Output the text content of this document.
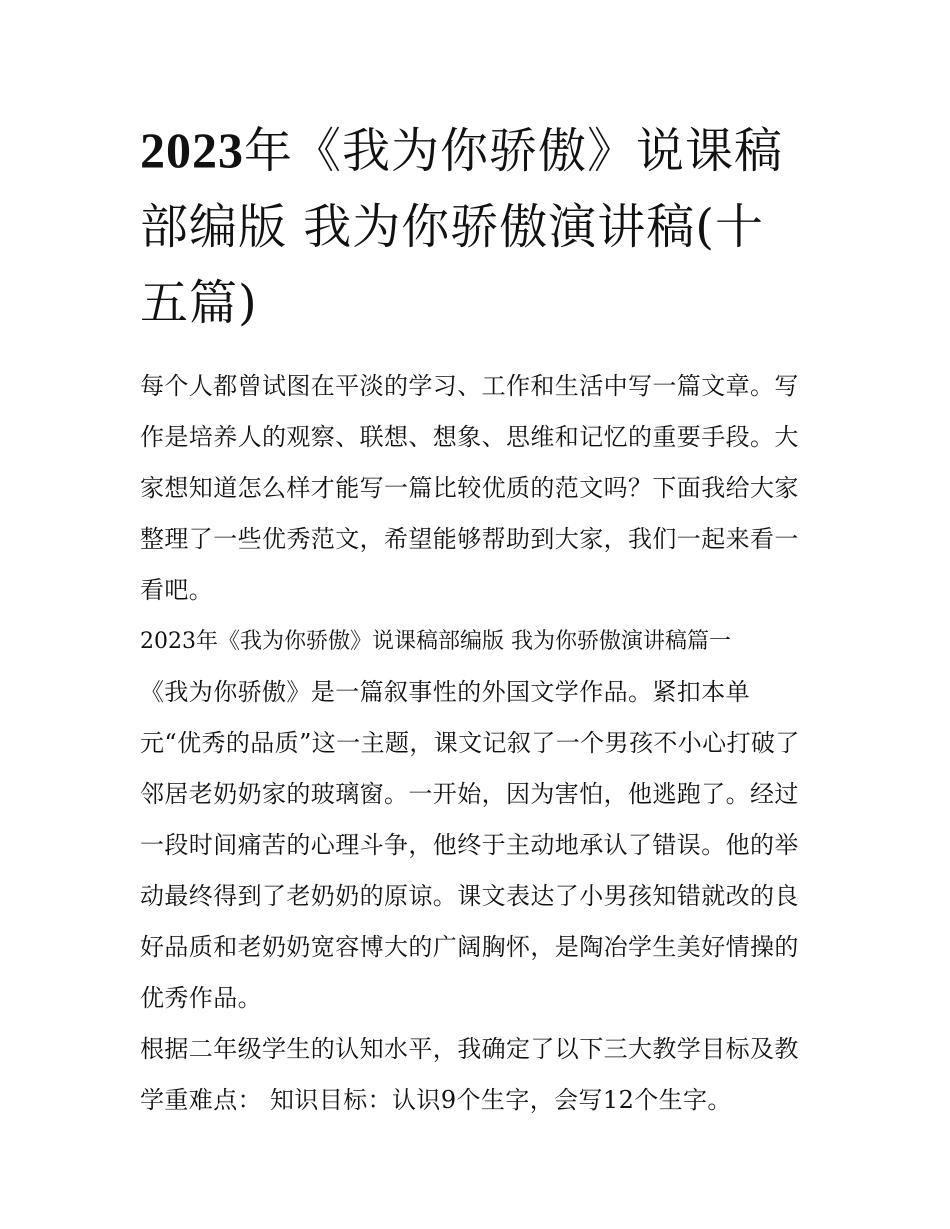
2023年《我为你骄傲》说课稿部编版 我为你骄傲演讲稿(十五篇)

每个人都曾试图在平淡的学习、工作和生活中写一篇文章。写作是培养人的观察、联想、想象、思维和记忆的重要手段。大家想知道怎么样才能写一篇比较优质的范文吗？下面我给大家整理了一些优秀范文，希望能够帮助到大家，我们一起来看一看吧。

2023年《我为你骄傲》说课稿部编版 我为你骄傲演讲稿篇一

《我为你骄傲》是一篇叙事性的外国文学作品。紧扣本单

元“优秀的品质”这一主题，课文记叙了一个男孩不小心打破了邻居老奶奶家的玻璃窗。一开始，因为害怕，他逃跑了。经过一段时间痛苦的心理斗争，他终于主动地承认了错误。他的举动最终得到了老奶奶的原谅。课文表达了小男孩知错就改的良好品质和老奶奶宽容博大的广阔胸怀，是陶冶学生美好情操的优秀作品。

根据二年级学生的认知水平，我确定了以下三大教学目标及教学重难点： 知识目标：认识9个生字，会写12个生字。
